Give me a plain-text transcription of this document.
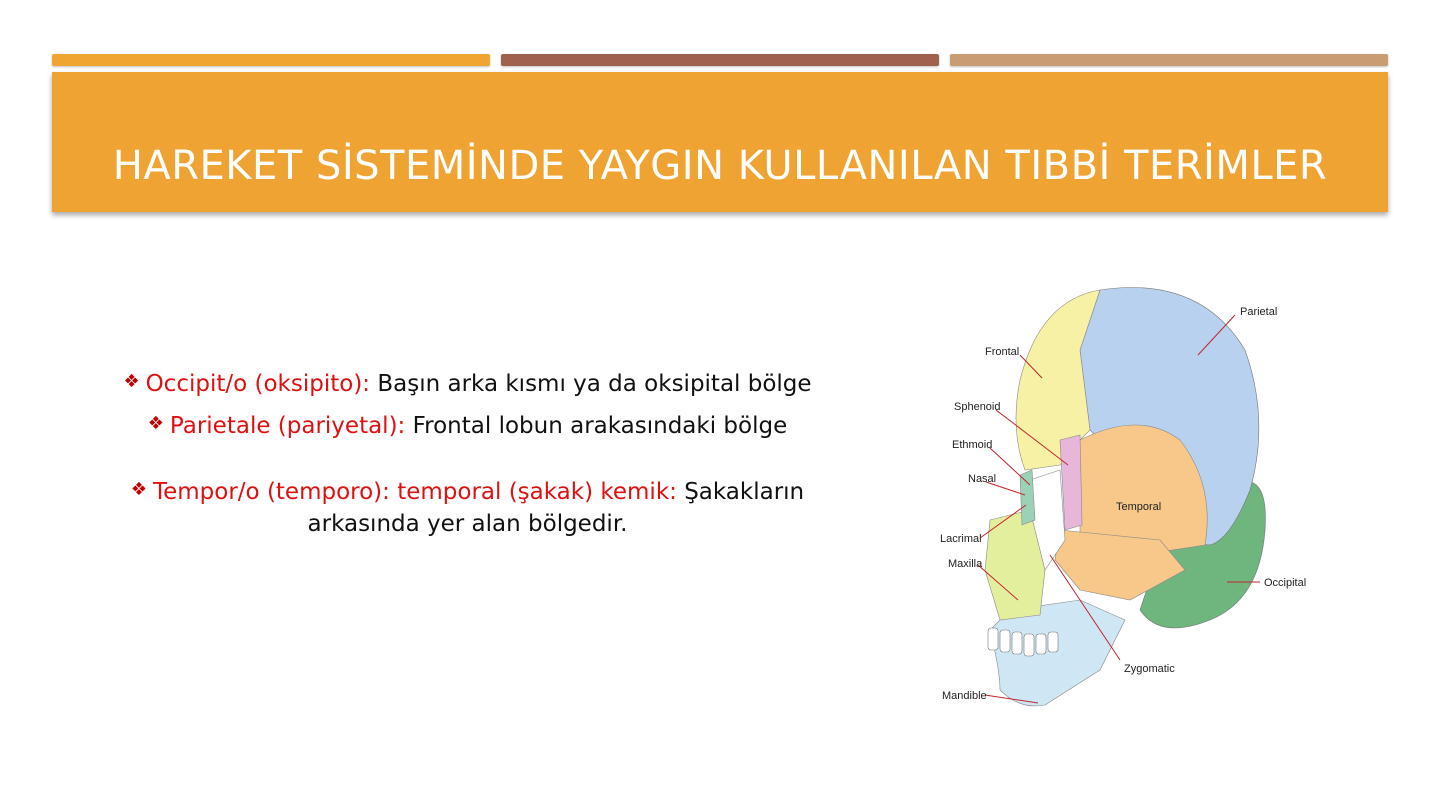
HAREKET SİSTEMİNDE YAYGIN KULLANILAN TIBBİ TERİMLER

❖ Occipit/o (oksipito): Başın arka kısmı ya da oksipital bölge

❖ Parietale (pariyetal): Frontal lobun arakasındaki bölge

❖ Tempor/o (temporo): temporal (şakak) kemik: Şakakların arkasında yer alan bölgedir.

Parietal
Frontal
Sphenoid
Ethmoid
Nasal
Temporal
Lacrimal
Maxilla
Occipital
Zygomatic
Mandible
